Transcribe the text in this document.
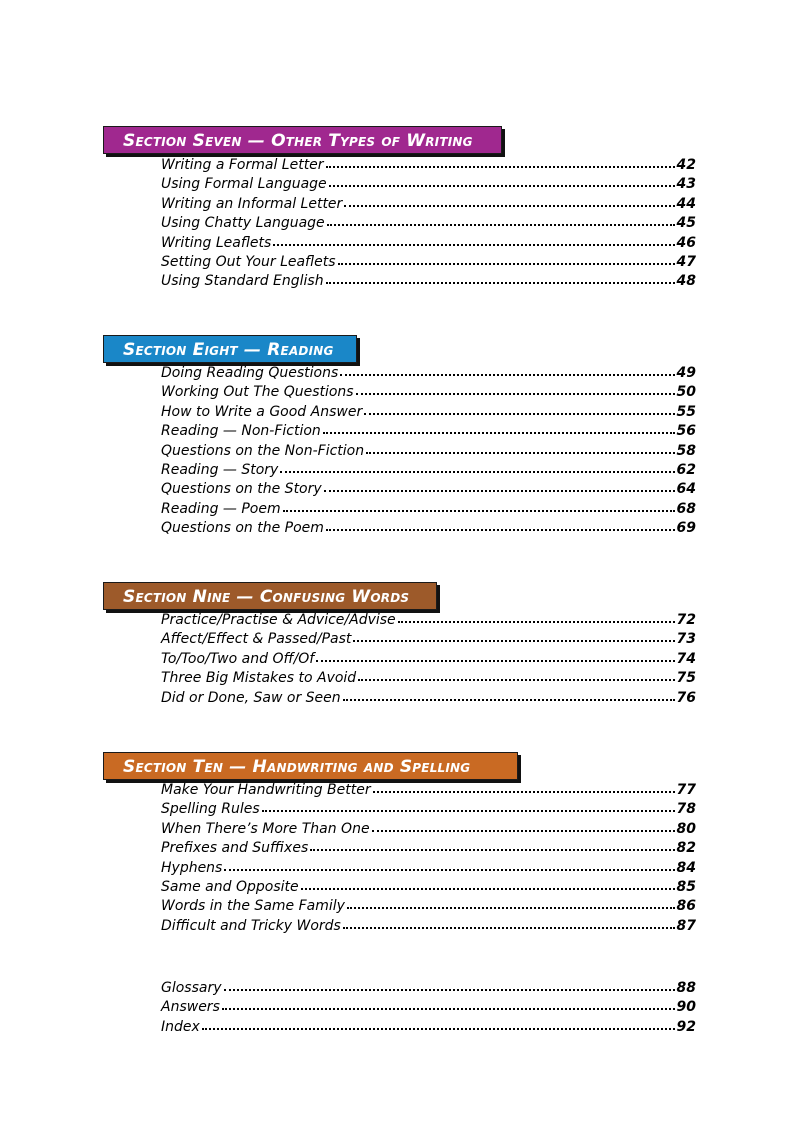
Section Seven — Other Types of Writing
Writing a Formal Letter	42
Using Formal Language	43
Writing an Informal Letter	44
Using Chatty Language	45
Writing Leaflets	46
Setting Out Your Leaflets	47
Using Standard English	48
Section Eight — Reading
Doing Reading Questions	49
Working Out The Questions	50
How to Write a Good Answer	55
Reading — Non-Fiction	56
Questions on the Non-Fiction	58
Reading — Story	62
Questions on the Story	64
Reading — Poem	68
Questions on the Poem	69
Section Nine — Confusing Words
Practice/Practise & Advice/Advise	72
Affect/Effect & Passed/Past	73
To/Too/Two and Off/Of	74
Three Big Mistakes to Avoid	75
Did or Done, Saw or Seen	76
Section Ten — Handwriting and Spelling
Make Your Handwriting Better	77
Spelling Rules	78
When There’s More Than One	80
Prefixes and Suffixes	82
Hyphens	84
Same and Opposite	85
Words in the Same Family	86
Difficult and Tricky Words	87
Glossary	88
Answers	90
Index	92
